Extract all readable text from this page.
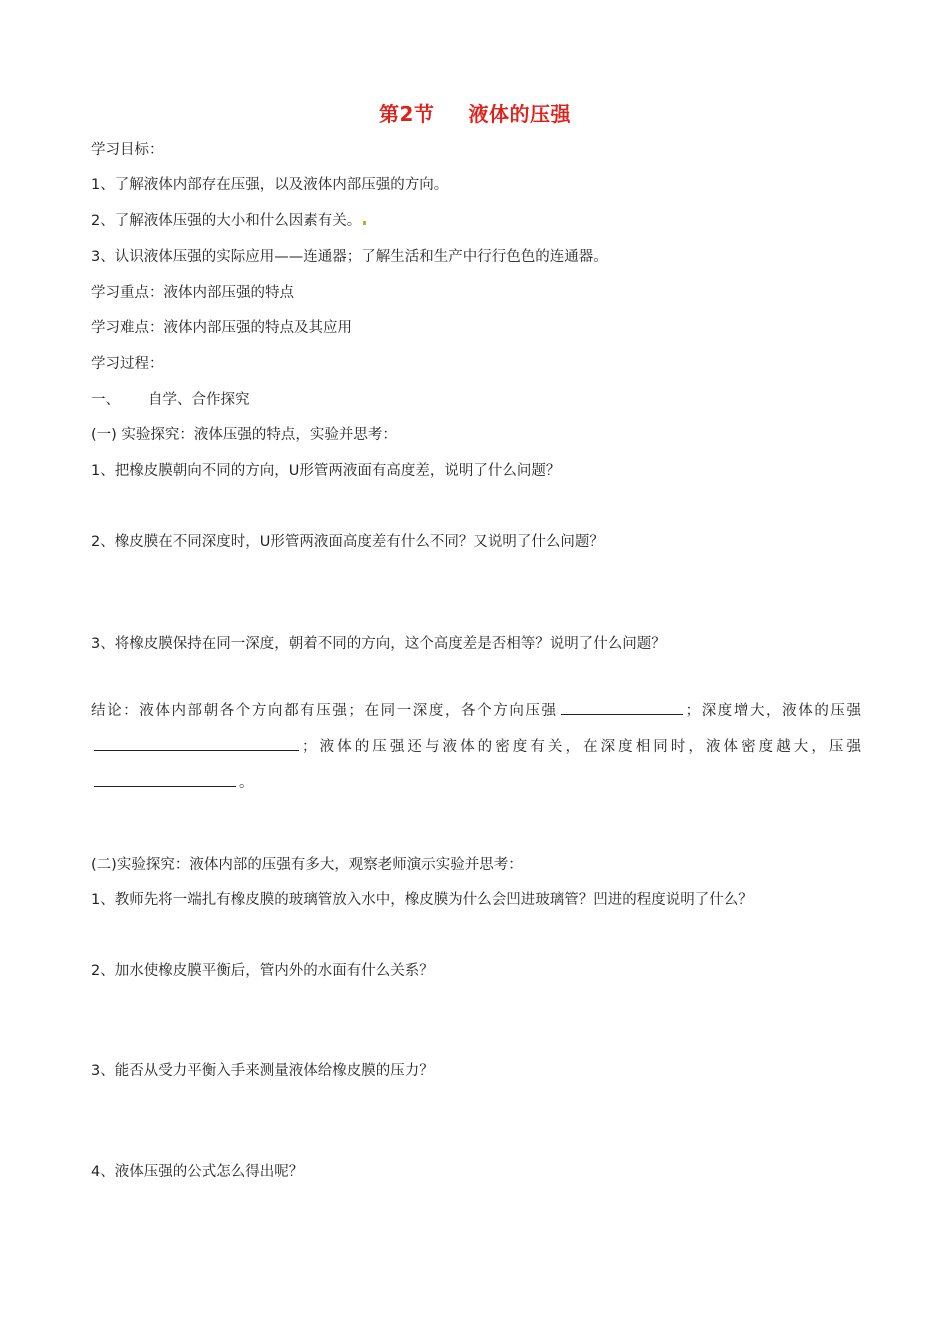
第2节 液体的压强
学习目标：
1、了解液体内部存在压强，以及液体内部压强的方向。
2、了解液体压强的大小和什么因素有关。
3、认识液体压强的实际应用——连通器；了解生活和生产中行行色色的连通器。
学习重点：液体内部压强的特点
学习难点：液体内部压强的特点及其应用
学习过程：
一、 自学、合作探究
(一) 实验探究：液体压强的特点，实验并思考：
1、把橡皮膜朝向不同的方向，U形管两液面有高度差，说明了什么问题？
2、橡皮膜在不同深度时，U形管两液面高度差有什么不同？又说明了什么问题？
3、将橡皮膜保持在同一深度，朝着不同的方向，这个高度差是否相等？说明了什么问题？
结论：液体内部朝各个方向都有压强；在同一深度，各个方向压强	；深度增大，液体的压强；液体的压强还与液体的密度有关，在深度相同时，液体密度越大，压强。
(二)实验探究：液体内部的压强有多大，观察老师演示实验并思考：
1、教师先将一端扎有橡皮膜的玻璃管放入水中，橡皮膜为什么会凹进玻璃管？凹进的程度说明了什么？
2、加水使橡皮膜平衡后，管内外的水面有什么关系？
3、能否从受力平衡入手来测量液体给橡皮膜的压力？
4、液体压强的公式怎么得出呢？
